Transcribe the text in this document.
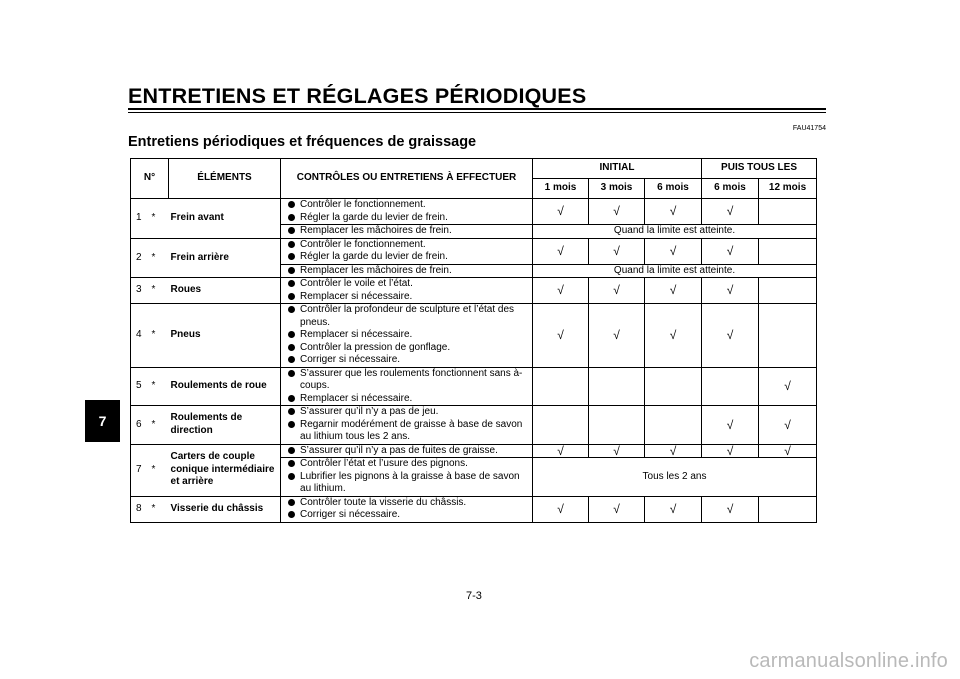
ENTRETIENS ET RÉGLAGES PÉRIODIQUES
FAU41754
Entretiens périodiques et fréquences de graissage
7
N°		ÉLÉMENTS	CONTRÔLES OU ENTRETIENS À EFFECTUER	INITIAL			PUIS TOUS LES	
				1 mois	3 mois	6 mois	6 mois	12 mois
1	*	Frein avant	Contrôler le fonctionnement.
Régler la garde du levier de frein.	√	√	√	√	

Remplacer les mâchoires de frein.	Quand la limite est atteinte.				
2	*	Frein arrière	Contrôler le fonctionnement.
Régler la garde du levier de frein.	√	√	√	√	

Remplacer les mâchoires de frein.	Quand la limite est atteinte.				
3	*	Roues	Contrôler le voile et l’état.
Remplacer si nécessaire.	√	√	√	√	
4	*	Pneus	Contrôler la profondeur de sculpture et l’état des pneus.
Remplacer si nécessaire.
Contrôler la pression de gonflage.
Corriger si nécessaire.	√	√	√	√	
5	*	Roulements de roue	S’assurer que les roulements fonctionnent sans à-coups.
Remplacer si nécessaire.					√
6	*	Roulements de direction	S’assurer qu’il n’y a pas de jeu.
Regarnir modérément de graisse à base de savon au lithium tous les 2 ans.				√	√
7	*	Carters de couple conique intermédiaire et arrière	S’assurer qu’il n’y a pas de fuites de graisse.	√	√	√	√	√

Contrôler l’état et l’usure des pignons.
Lubrifier les pignons à la graisse à base de savon au lithium.	Tous les 2 ans				
8	*	Visserie du châssis	Contrôler toute la visserie du châssis.
Corriger si nécessaire.	√	√	√	√	
7-3
carmanualsonline.info
